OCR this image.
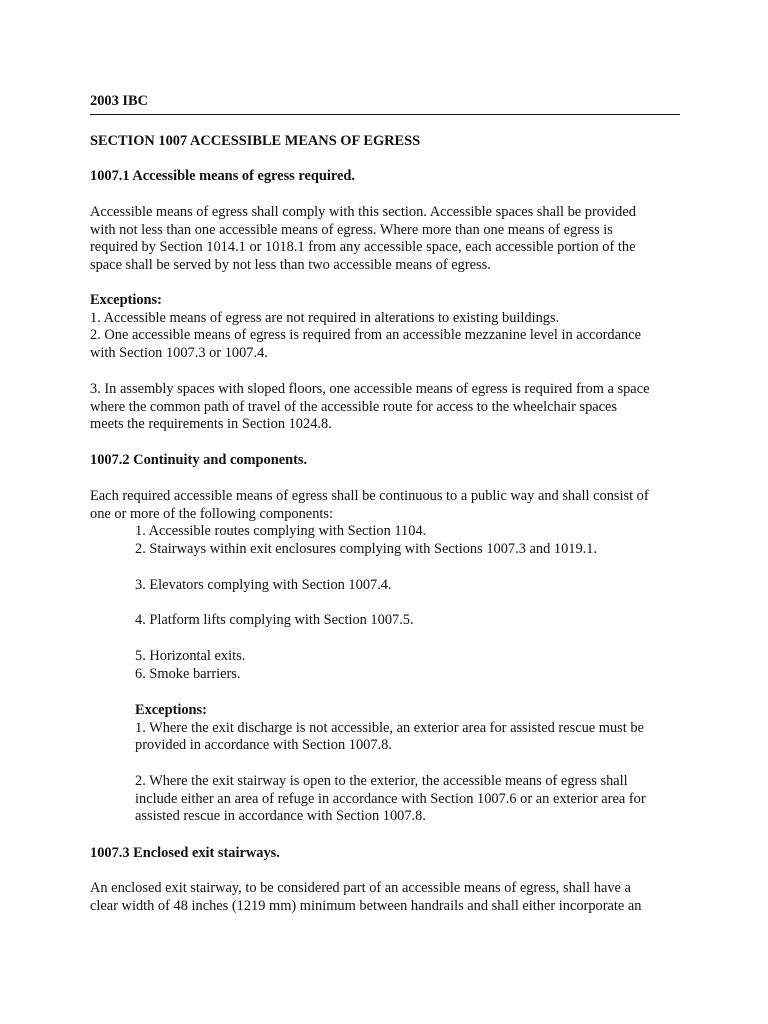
2003 IBC
SECTION 1007 ACCESSIBLE MEANS OF EGRESS
1007.1 Accessible means of egress required.
Accessible means of egress shall comply with this section. Accessible spaces shall be provided
with not less than one accessible means of egress. Where more than one means of egress is
required by Section 1014.1 or 1018.1 from any accessible space, each accessible portion of the
space shall be served by not less than two accessible means of egress.
Exceptions:
1. Accessible means of egress are not required in alterations to existing buildings.
2. One accessible means of egress is required from an accessible mezzanine level in accordance
with Section 1007.3 or 1007.4.
3. In assembly spaces with sloped floors, one accessible means of egress is required from a space
where the common path of travel of the accessible route for access to the wheelchair spaces
meets the requirements in Section 1024.8.
1007.2 Continuity and components.
Each required accessible means of egress shall be continuous to a public way and shall consist of
one or more of the following components:
1. Accessible routes complying with Section 1104.
2. Stairways within exit enclosures complying with Sections 1007.3 and 1019.1.
3. Elevators complying with Section 1007.4.
4. Platform lifts complying with Section 1007.5.
5. Horizontal exits.
6. Smoke barriers.
Exceptions:
1. Where the exit discharge is not accessible, an exterior area for assisted rescue must be
provided in accordance with Section 1007.8.
2. Where the exit stairway is open to the exterior, the accessible means of egress shall
include either an area of refuge in accordance with Section 1007.6 or an exterior area for
assisted rescue in accordance with Section 1007.8.
1007.3 Enclosed exit stairways.
An enclosed exit stairway, to be considered part of an accessible means of egress, shall have a
clear width of 48 inches (1219 mm) minimum between handrails and shall either incorporate an
